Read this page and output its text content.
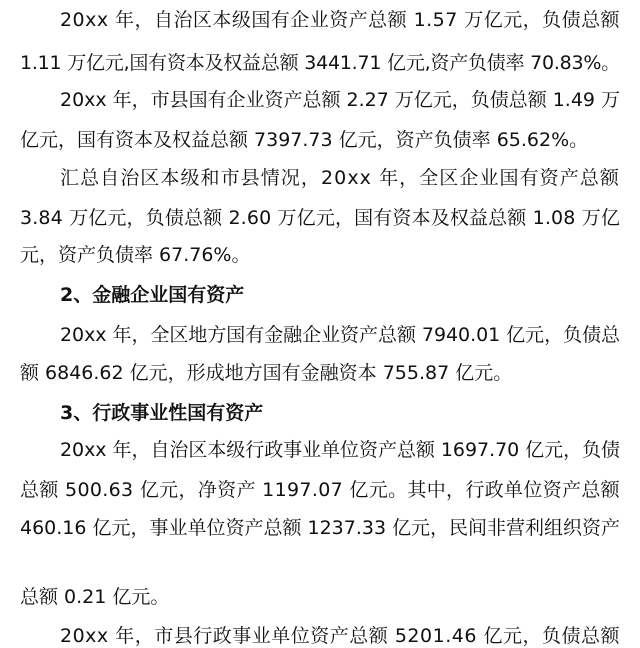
20xx 年，自治区本级国有企业资产总额 1.57 万亿元，负债总额
1.11 万亿元,国有资本及权益总额 3441.71 亿元,资产负债率 70.83%。
20xx 年，市县国有企业资产总额 2.27 万亿元，负债总额 1.49 万
亿元，国有资本及权益总额 7397.73 亿元，资产负债率 65.62%。
汇总自治区本级和市县情况，20xx 年，全区企业国有资产总额
3.84 万亿元，负债总额 2.60 万亿元，国有资本及权益总额 1.08 万亿
元，资产负债率 67.76%。
2、金融企业国有资产
20xx 年，全区地方国有金融企业资产总额 7940.01 亿元，负债总
额 6846.62 亿元，形成地方国有金融资本 755.87 亿元。
3、行政事业性国有资产
20xx 年，自治区本级行政事业单位资产总额 1697.70 亿元，负债
总额 500.63 亿元，净资产 1197.07 亿元。其中，行政单位资产总额
460.16 亿元，事业单位资产总额 1237.33 亿元，民间非营利组织资产
总额 0.21 亿元。
20xx 年，市县行政事业单位资产总额 5201.46 亿元，负债总额
